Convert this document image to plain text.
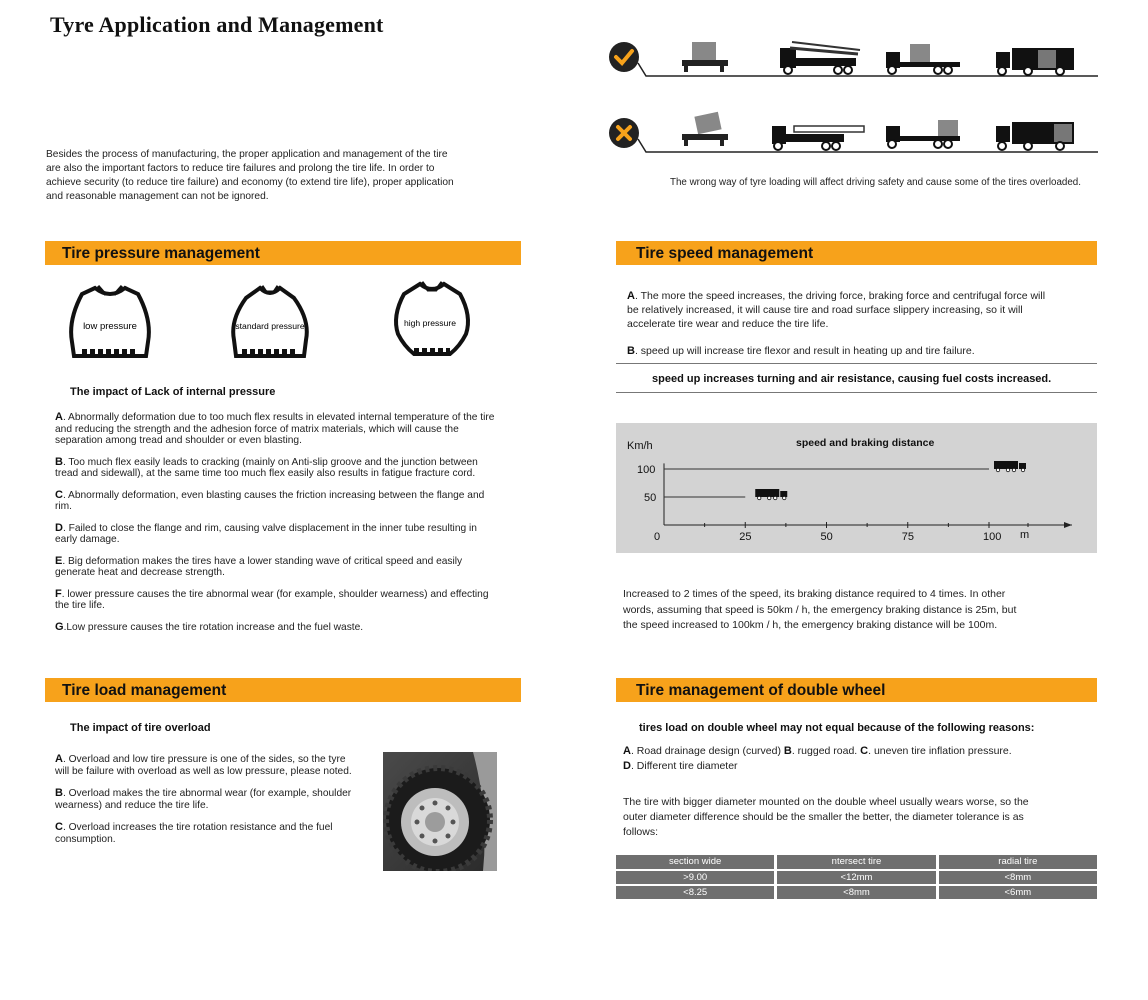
Tyre Application and Management
Besides the process of manufacturing, the proper application and management of the tire are also the important factors to reduce tire failures and prolong the tire life. In order to achieve security (to reduce tire failure) and economy (to extend tire life), proper application and reasonable management can not be ignored.
The wrong way of tyre loading will affect driving safety and cause some of the tires overloaded.
Tire pressure management
low pressure	standard pressure	high pressure
The impact of Lack of internal pressure
A. Abnormally deformation due to too much flex results in elevated internal temperature of the tire and reducing the strength and the adhesion force of matrix materials, which will cause the separation among tread and shoulder or even blasting.
B. Too much flex easily leads to cracking (mainly on Anti-slip groove and the junction between tread and sidewall), at the same time too much flex easily also results in fatigue fracture cord.
C. Abnormally deformation, even blasting causes the friction increasing between the flange and rim.
D. Failed to close the flange and rim, causing valve displacement in the inner tube resulting in early damage.
E. Big deformation makes the tires have a lower standing wave of critical speed and easily generate heat and decrease strength.
F. lower pressure causes the tire abnormal wear (for example, shoulder wearness) and effecting the tire life.
G.Low pressure causes the tire rotation increase and the fuel waste.
Tire load management
The impact of tire overload
A. Overload and low tire pressure is one of the sides, so the tyre will be failure with overload as well as low pressure, please noted.
B. Overload makes the tire abnormal wear (for example, shoulder wearness) and reduce the tire life.
C. Overload increases the tire rotation resistance and the fuel consumption.
Tire speed management
A. The more the speed increases, the driving force, braking force and centrifugal force will be relatively increased, it will cause tire and road surface slippery increasing, so it will accelerate tire wear and reduce the tire life.
B. speed up will increase tire flexor and result in heating up and tire failure.
speed up increases turning and air resistance, causing fuel costs increased.
speed and braking distance
Km/h
m
0	25	50	75	100
50
100
Increased to 2 times of the speed, its braking distance required to 4 times. In other words, assuming that speed is 50km / h, the emergency braking distance is 25m, but the speed increased to 100km / h, the emergency braking distance will be 100m.
Tire management of double wheel
tires load on double wheel may not equal because of the following reasons:
A. Road drainage design (curved) B. rugged road. C. uneven tire inflation pressure.
D. Different tire diameter
The tire with bigger diameter mounted on the double wheel usually wears worse, so the outer diameter difference should be the smaller the better, the diameter tolerance is as follows:
section wide	ntersect tire	radial tire
>9.00	<12mm	<8mm
<8.25	<8mm	<6mm
